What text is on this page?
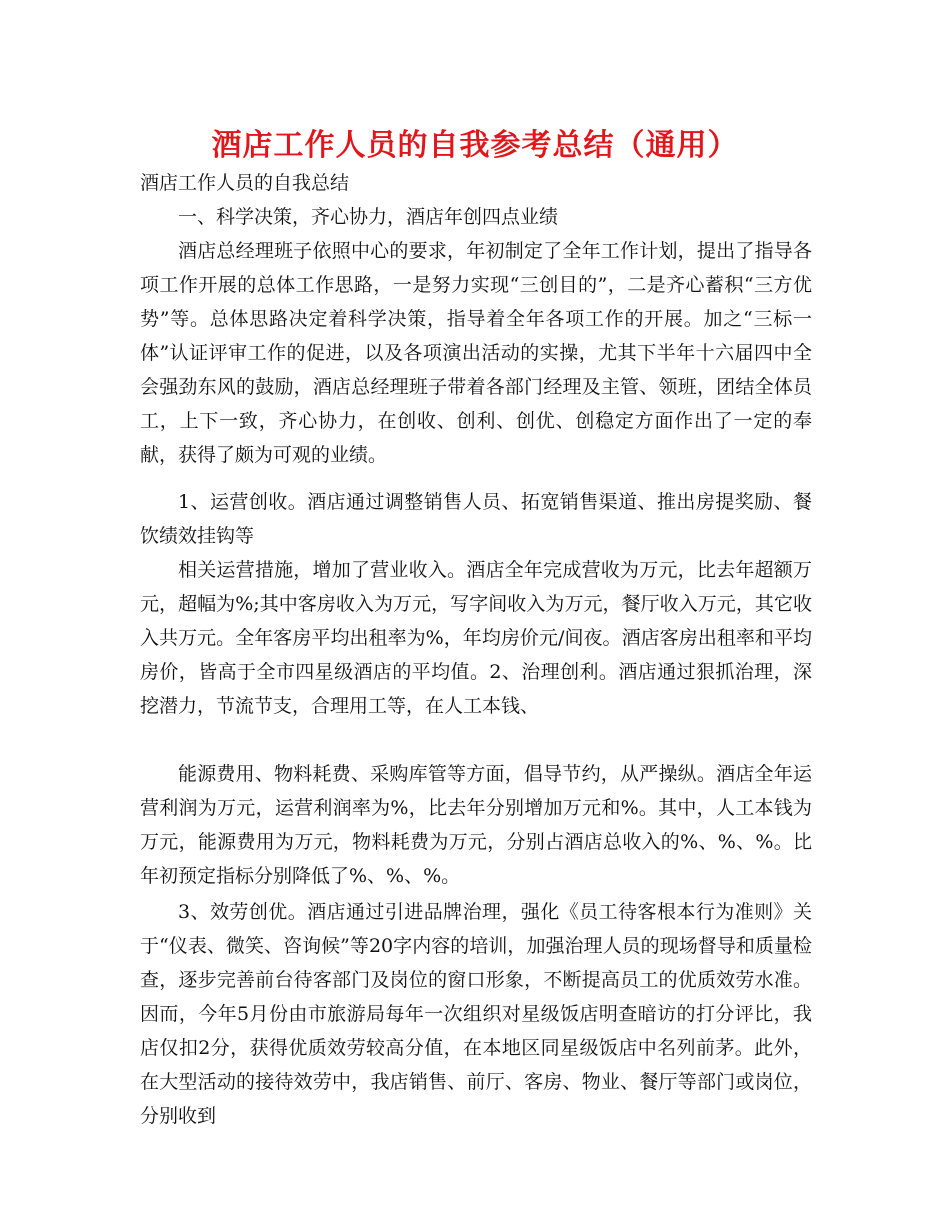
酒店工作人员的自我参考总结（通用）
酒店工作人员的自我总结
一、科学决策，齐心协力，酒店年创四点业绩
酒店总经理班子依照中心的要求，年初制定了全年工作计划，提出了指导各项工作开展的总体工作思路，一是努力实现“三创目的”，二是齐心蓄积“三方优势”等。总体思路决定着科学决策，指导着全年各项工作的开展。加之“三标一体”认证评审工作的促进，以及各项演出活动的实操，尤其下半年十六届四中全会强劲东风的鼓励，酒店总经理班子带着各部门经理及主管、领班，团结全体员工，上下一致，齐心协力，在创收、创利、创优、创稳定方面作出了一定的奉献，获得了颇为可观的业绩。
1、运营创收。酒店通过调整销售人员、拓宽销售渠道、推出房提奖励、餐饮绩效挂钩等
相关运营措施，增加了营业收入。酒店全年完成营收为万元，比去年超额万元，超幅为%;其中客房收入为万元，写字间收入为万元，餐厅收入万元，其它收入共万元。全年客房平均出租率为%，年均房价元/间夜。酒店客房出租率和平均房价，皆高于全市四星级酒店的平均值。2、治理创利。酒店通过狠抓治理，深挖潜力，节流节支，合理用工等，在人工本钱、
能源费用、物料耗费、采购库管等方面，倡导节约，从严操纵。酒店全年运营利润为万元，运营利润率为%，比去年分别增加万元和%。其中，人工本钱为万元，能源费用为万元，物料耗费为万元，分别占酒店总收入的%、%、%。比年初预定指标分别降低了%、%、%。
3、效劳创优。酒店通过引进品牌治理，强化《员工待客根本行为准则》关于“仪表、微笑、咨询候”等20字内容的培训，加强治理人员的现场督导和质量检查，逐步完善前台待客部门及岗位的窗口形象，不断提高员工的优质效劳水准。因而，今年5月份由市旅游局每年一次组织对星级饭店明查暗访的打分评比，我店仅扣2分，获得优质效劳较高分值，在本地区同星级饭店中名列前茅。此外，在大型活动的接待效劳中，我店销售、前厅、客房、物业、餐厅等部门或岗位，分别收到
